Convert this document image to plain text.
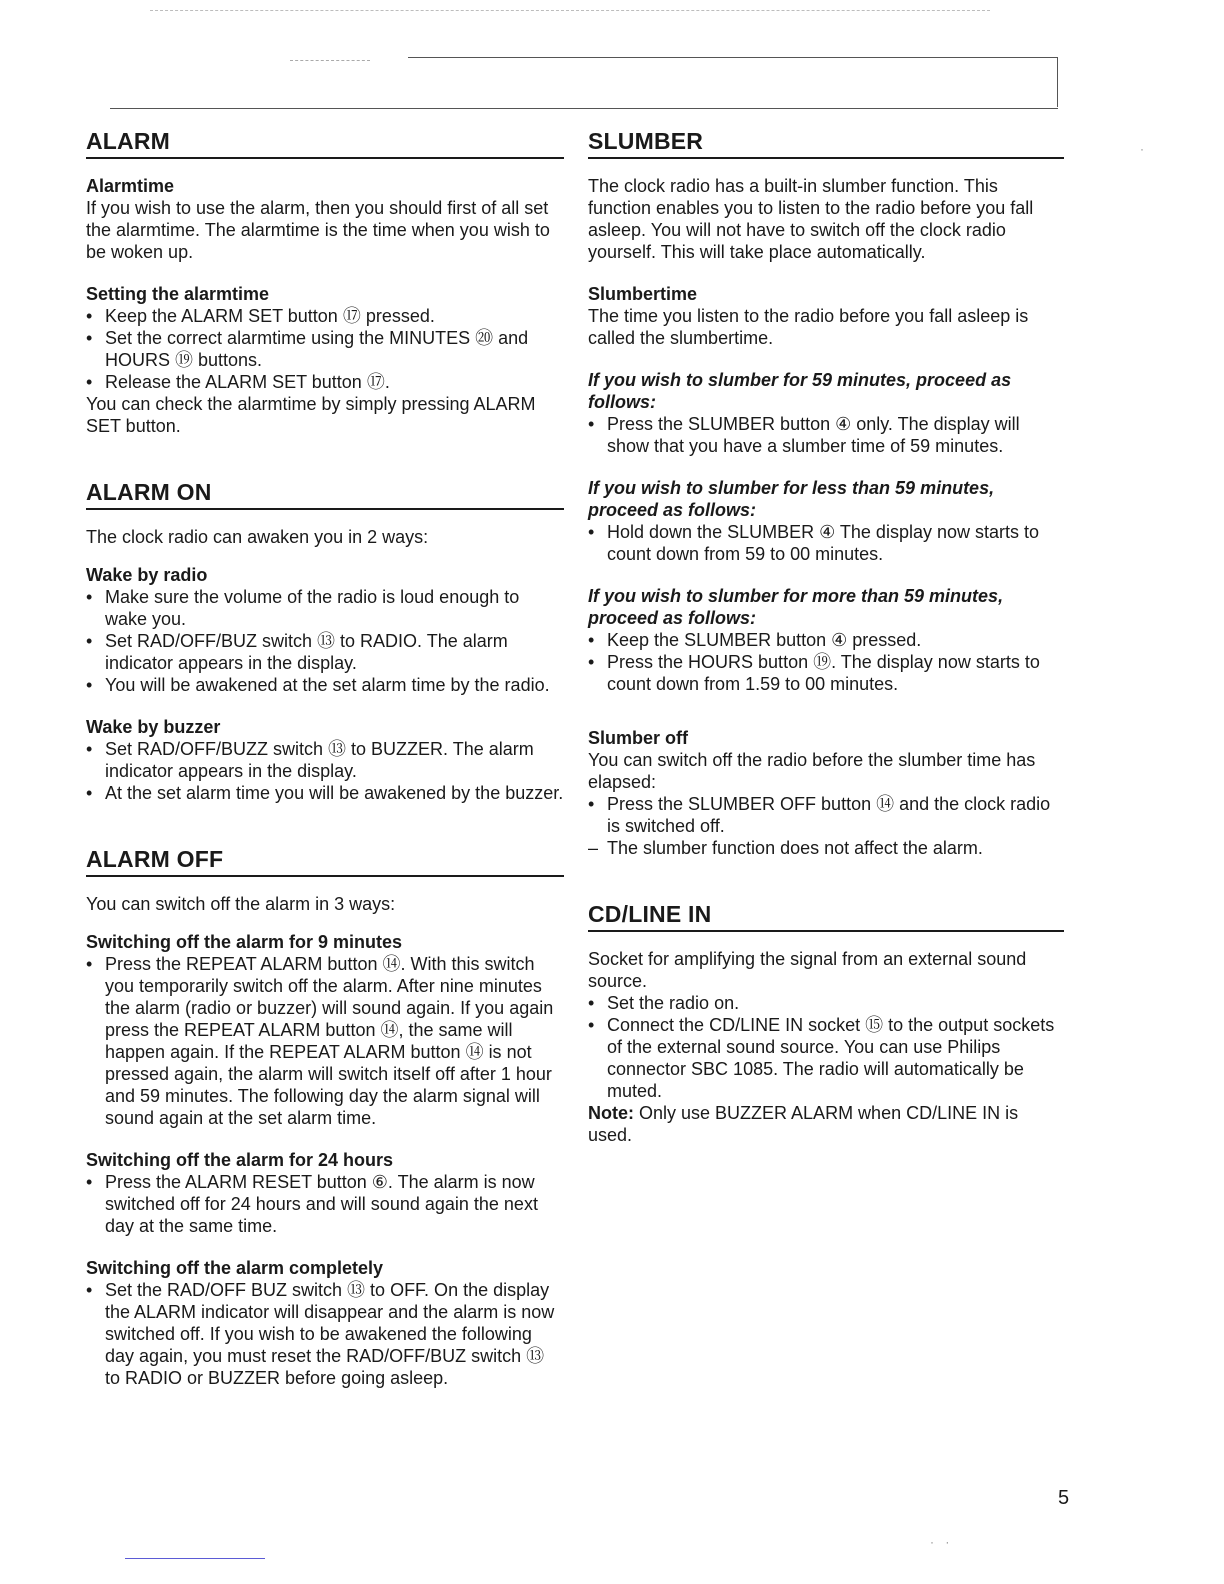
·
· ·
ALARM
Alarmtime
If you wish to use the alarm, then you should first of all set the alarmtime. The alarmtime is the time when you wish to be woken up.
Setting the alarmtime
• Keep the ALARM SET button ⑰ pressed.
• Set the correct alarmtime using the MINUTES ⑳ and HOURS ⑲ buttons.
• Release the ALARM SET button ⑰.
You can check the alarmtime by simply pressing ALARM SET button.
ALARM ON
The clock radio can awaken you in 2 ways:
Wake by radio
• Make sure the volume of the radio is loud enough to wake you.
• Set RAD/OFF/BUZ switch ⑬ to RADIO. The alarm indicator appears in the display.
• You will be awakened at the set alarm time by the radio.
Wake by buzzer
• Set RAD/OFF/BUZZ switch ⑬ to BUZZER. The alarm indicator appears in the display.
• At the set alarm time you will be awakened by the buzzer.
ALARM OFF
You can switch off the alarm in 3 ways:
Switching off the alarm for 9 minutes
• Press the REPEAT ALARM button ⑭. With this switch you temporarily switch off the alarm. After nine minutes the alarm (radio or buzzer) will sound again. If you again press the REPEAT ALARM button ⑭, the same will happen again. If the REPEAT ALARM button ⑭ is not pressed again, the alarm will switch itself off after 1 hour and 59 minutes. The following day the alarm signal will sound again at the set alarm time.
Switching off the alarm for 24 hours
• Press the ALARM RESET button ⑥. The alarm is now switched off for 24 hours and will sound again the next day at the same time.
Switching off the alarm completely
• Set the RAD/OFF BUZ switch ⑬ to OFF. On the display the ALARM indicator will disappear and the alarm is now switched off. If you wish to be awakened the following day again, you must reset the RAD/OFF/BUZ switch ⑬ to RADIO or BUZZER before going asleep.
SLUMBER
The clock radio has a built-in slumber function. This function enables you to listen to the radio before you fall asleep. You will not have to switch off the clock radio yourself. This will take place automatically.
Slumbertime
The time you listen to the radio before you fall asleep is called the slumbertime.
If you wish to slumber for 59 minutes, proceed as follows:
• Press the SLUMBER button ④ only. The display will show that you have a slumber time of 59 minutes.
If you wish to slumber for less than 59 minutes, proceed as follows:
• Hold down the SLUMBER ④ The display now starts to count down from 59 to 00 minutes.
If you wish to slumber for more than 59 minutes, proceed as follows:
• Keep the SLUMBER button ④ pressed.
• Press the HOURS button ⑲. The display now starts to count down from 1.59 to 00 minutes.
Slumber off
You can switch off the radio before the slumber time has elapsed:
• Press the SLUMBER OFF button ⑭ and the clock radio is switched off.
– The slumber function does not affect the alarm.
CD/LINE IN
Socket for amplifying the signal from an external sound source.
• Set the radio on.
• Connect the CD/LINE IN socket ⑮ to the output sockets of the external sound source. You can use Philips connector SBC 1085. The radio will automatically be muted.
Note: Only use BUZZER ALARM when CD/LINE IN is used.
5
